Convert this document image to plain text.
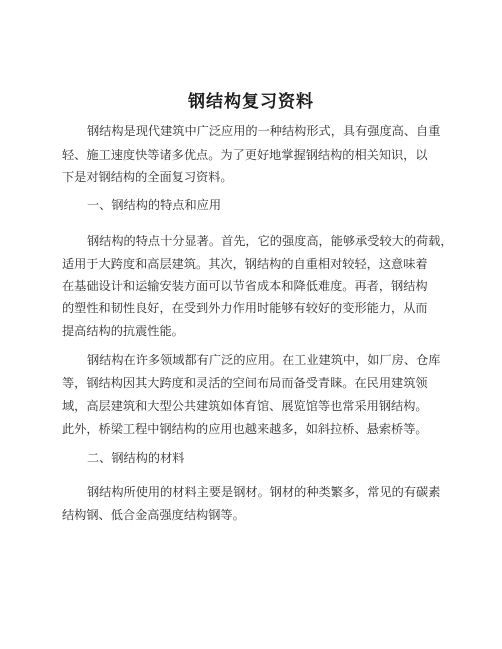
钢结构复习资料
钢结构是现代建筑中广泛应用的一种结构形式，具有强度高、自重
轻、施工速度快等诸多优点。为了更好地掌握钢结构的相关知识，以
下是对钢结构的全面复习资料。
一、钢结构的特点和应用
钢结构的特点十分显著。首先，它的强度高，能够承受较大的荷载，
适用于大跨度和高层建筑。其次，钢结构的自重相对较轻，这意味着
在基础设计和运输安装方面可以节省成本和降低难度。再者，钢结构
的塑性和韧性良好，在受到外力作用时能够有较好的变形能力，从而
提高结构的抗震性能。
钢结构在许多领域都有广泛的应用。在工业建筑中，如厂房、仓库
等，钢结构因其大跨度和灵活的空间布局而备受青睐。在民用建筑领
域，高层建筑和大型公共建筑如体育馆、展览馆等也常采用钢结构。
此外，桥梁工程中钢结构的应用也越来越多，如斜拉桥、悬索桥等。
二、钢结构的材料
钢结构所使用的材料主要是钢材。钢材的种类繁多，常见的有碳素
结构钢、低合金高强度结构钢等。
